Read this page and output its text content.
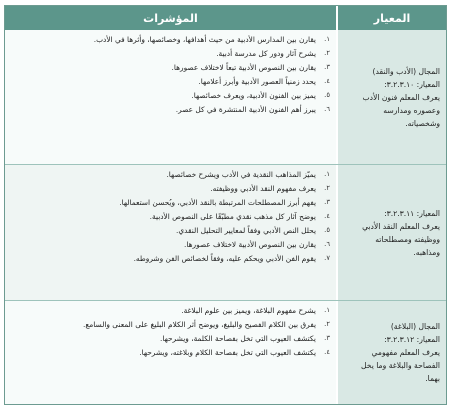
المعيار
المؤشرات
المجال (الأدب والنقد)
المعيار: ٣.٢.٣.١٠:
يعرف المعلم فنون الأدب
وعصوره ومدارسه
وشخصياته.
١.
يقارن بين المدارس الأدبية من حيث أهدافها، وخصائصها، وأثرها في الأدب.
٢.
يشرح آثار ودور كل مدرسة أدبية.
٣.
يقارن بين النصوص الأدبية تبعاً لاختلاف عصورها.
٤.
يحدد زمنياً العصور الأدبية وأبرز أعلامها.
٥.
يميز بين الفنون الأدبية، ويعرف خصائصها.
٦.
يبرز أهم الفنون الأدبية المنتشرة في كل عصر.
المعيار: ٣.٢.٣.١١:
يعرف المعلم النقد الأدبي
ووظيفته ومصطلحاته
ومذاهبه.
١.
يميّز المذاهب النقدية في الأدب ويشرح خصائصها.
٢.
يعرف مفهوم النقد الأدبي ووظيفته.
٣.
يفهم أبرز المصطلحات المرتبطة بالنقد الأدبي، ويُحسن استعمالها.
٤.
يوضح آثار كل مذهب نقدي مطبّقًا على النصوص الأدبية.
٥.
يحلل النص الأدبي وفقاً لمعايير التحليل النقدي.
٦.
يقارن بين النصوص الأدبية لاختلاف عصورها.
٧.
يقوم الفن الأدبي ويحكم عليه، وفقاً لخصائص الفن وشروطه.
المجال (البلاغة)
المعيار: ٣.٢.٣.١٢:
يعرف المعلم مفهومي
الفصاحة والبلاغة وما يخل
بهما.
١.
يشرح مفهوم البلاغة، ويميز بين علوم البلاغة.
٢.
يفرق بين الكلام الفصيح والبليغ، ويوضح أثر الكلام البليغ على المعنى والسامع.
٣.
يكتشف العيوب التي تخل بفصاحة الكلمة، ويشرحها.
٤.
يكتشف العيوب التي تخل بفصاحة الكلام وبلاغته، ويشرحها.
